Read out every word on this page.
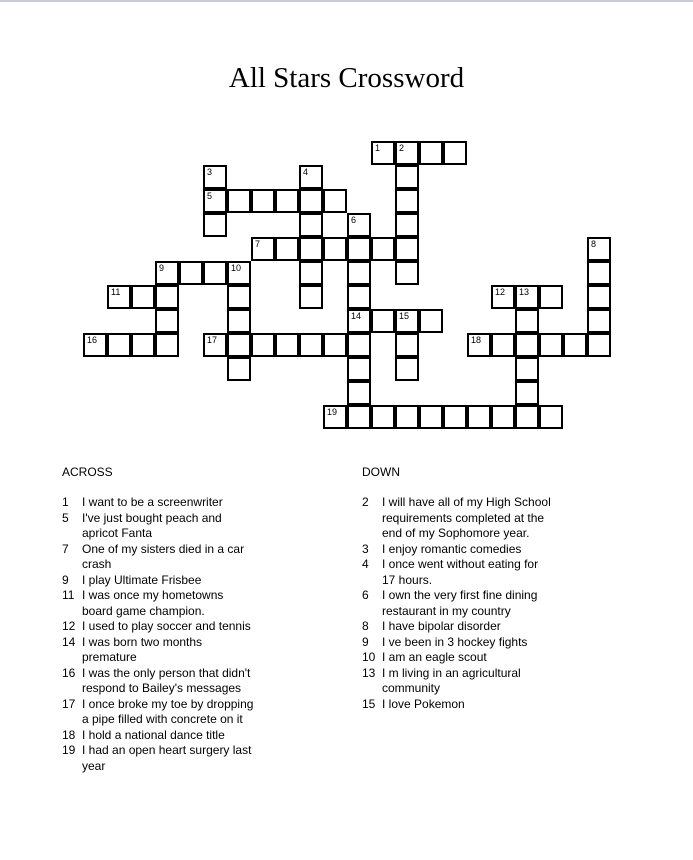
All Stars Crossword
1 2
3
5
4
6
14
7	8
9	10
11	12 13
15
16	17	18
19
ACROSS
1	I want to be a screenwriter
5	I've just bought peach and apricot Fanta
7	One of my sisters died in a car crash
9	I play Ultimate Frisbee
11 I was once my hometowns board game champion.
12 I used to play soccer and tennis
14 I was born two months premature
16 I was the only person that didn't respond to Bailey's messages
17 I once broke my toe by dropping a pipe filled with concrete on it
18 I hold a national dance title
19 I had an open heart surgery last year
DOWN
2	I will have all of my High School requirements completed at the end of my Sophomore year.
3	I enjoy romantic comedies
4	I once went without eating for 17 hours.
6	I own the very first fine dining restaurant in my country
8	I have bipolar disorder
9	I ve been in 3 hockey fights
10 I am an eagle scout
13 I m living in an agricultural community
15 I love Pokemon
